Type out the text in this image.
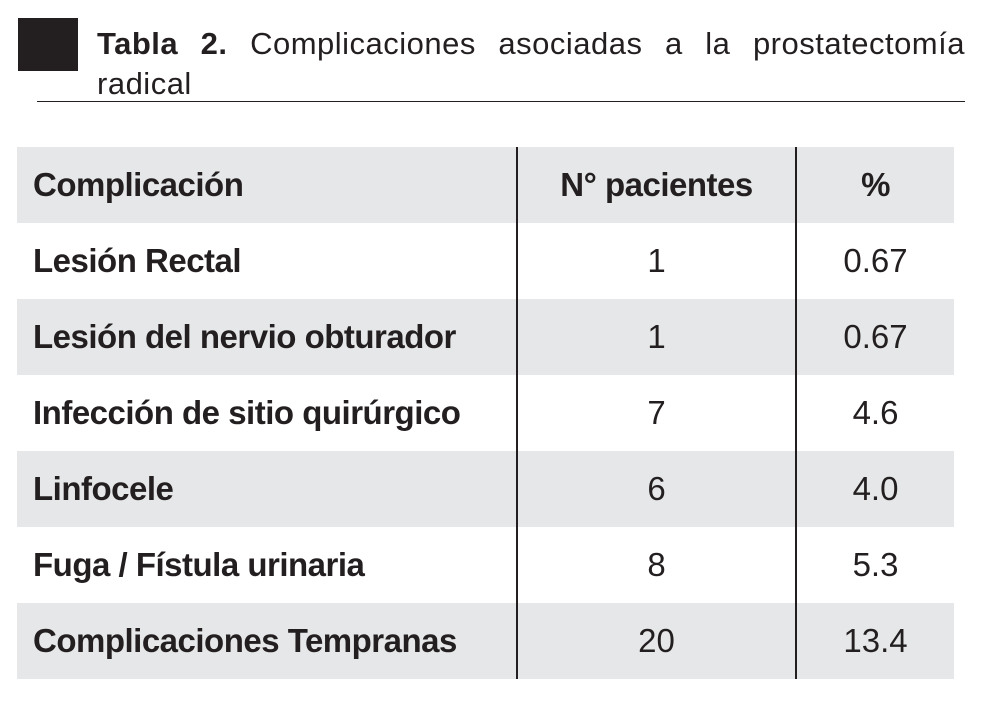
Tabla 2. Complicaciones asociadas a la prostatectomía radical
Complicación	N° pacientes	%
Lesión Rectal	1	0.67
Lesión del nervio obturador	1	0.67
Infección de sitio quirúrgico	7	4.6
Linfocele	6	4.0
Fuga / Fístula urinaria	8	5.3
Complicaciones Tempranas	20	13.4
